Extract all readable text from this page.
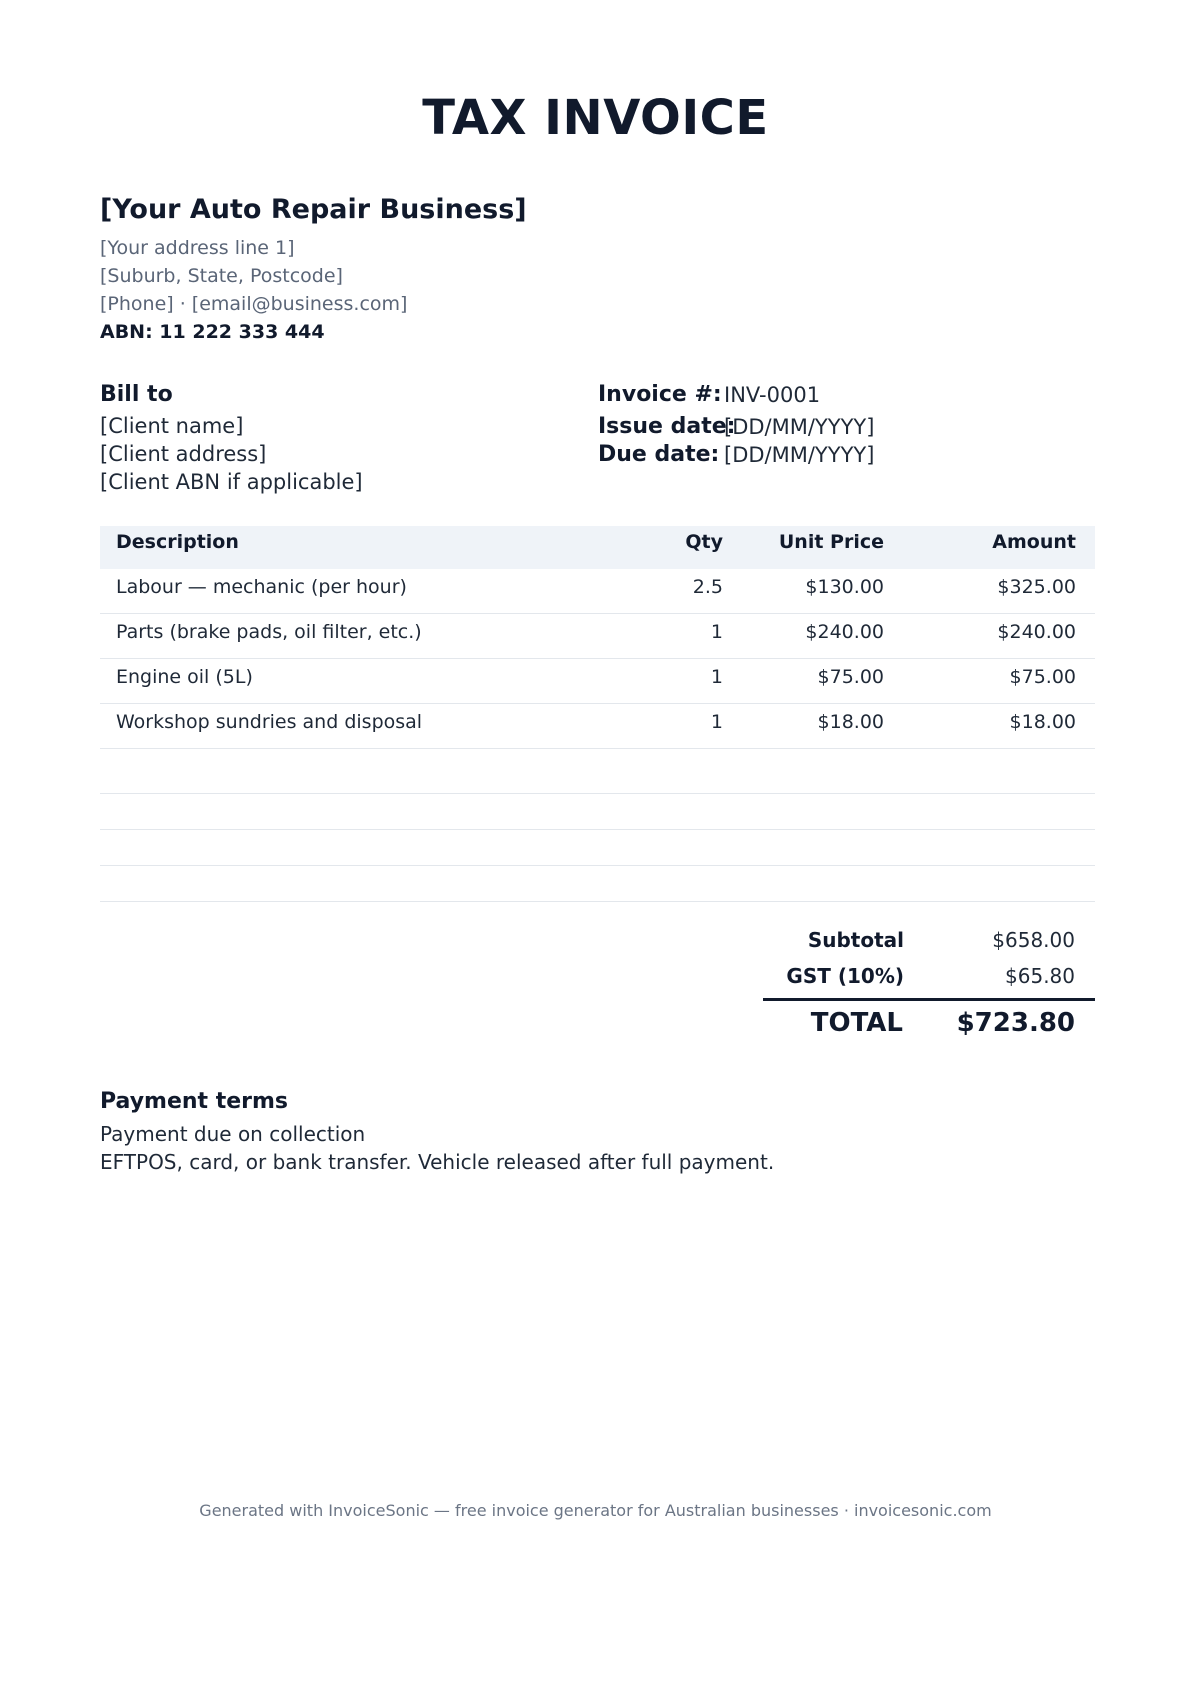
TAX INVOICE
[Your Auto Repair Business]
[Your address line 1]
[Suburb, State, Postcode]
[Phone] · [email@business.com]
ABN: 11 222 333 444
Bill to
[Client name]
[Client address]
[Client ABN if applicable]
Invoice #: INV-0001
Issue date:
[DD/MM/YYYY]
Due date: [DD/MM/YYYY]
Description	Qty	Unit Price	Amount
Labour — mechanic (per hour)	2.5	$130.00	$325.00
Parts (brake pads, oil filter, etc.)	1	$240.00	$240.00
Engine oil (5L)	1	$75.00	$75.00
Workshop sundries and disposal	1	$18.00	$18.00
Subtotal	$658.00
GST (10%)	$65.80
TOTAL $723.80
Payment terms
Payment due on collection
EFTPOS, card, or bank transfer. Vehicle released after full payment.
Generated with InvoiceSonic — free invoice generator for Australian businesses · invoicesonic.com
